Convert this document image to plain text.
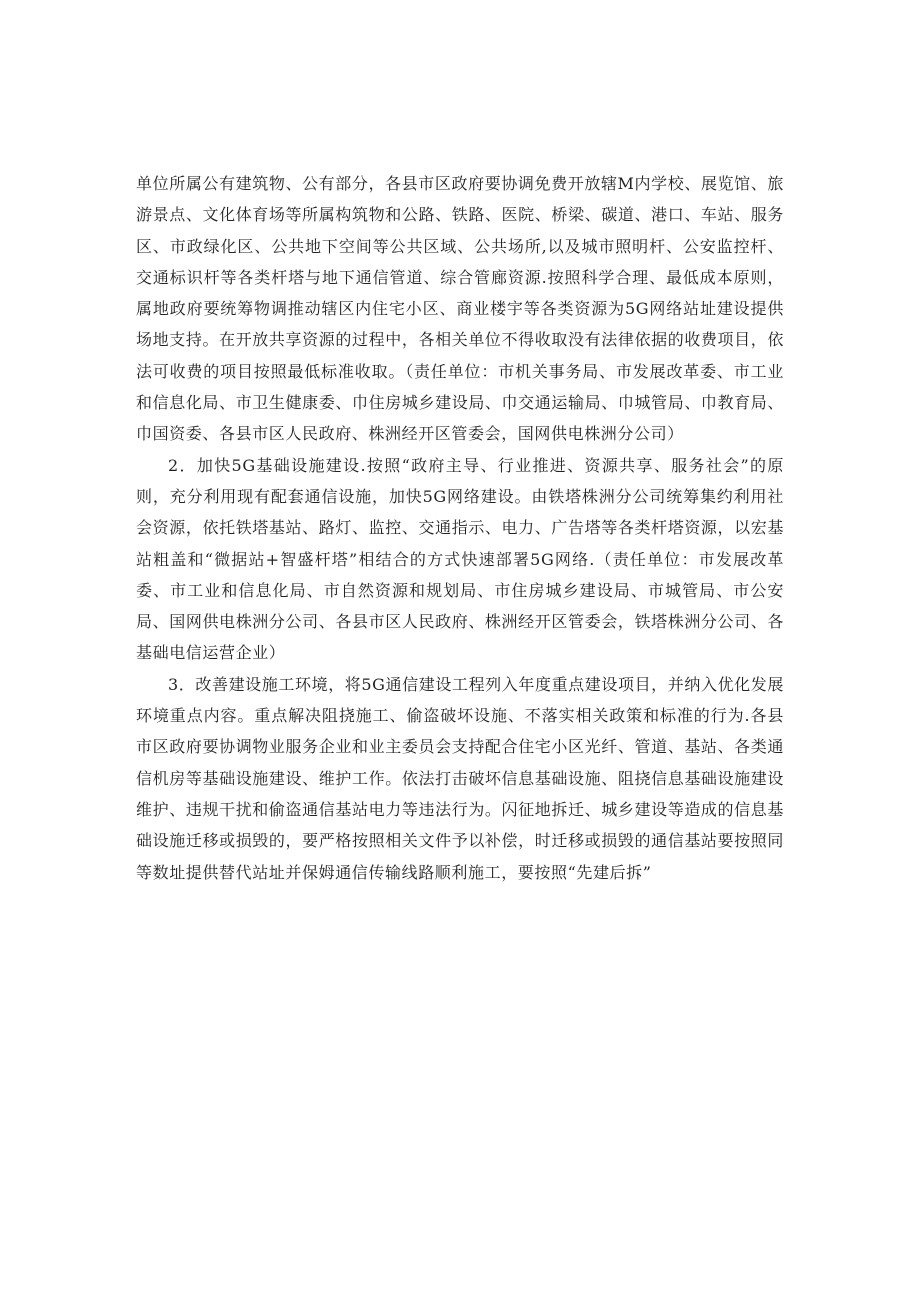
单位所属公有建筑物、公有部分，各县市区政府要协调免费开放辖M内学校、展览馆、旅游景点、文化体育场等所属构筑物和公路、铁路、医院、桥梁、碳道、港口、车站、服务区、市政绿化区、公共地下空间等公共区域、公共场所,以及城市照明杆、公安监控杆、交通标识杆等各类杆塔与地下通信管道、综合管廊资源.按照科学合理、最低成本原则，属地政府要统筹物调推动辖区内住宅小区、商业楼宇等各类资源为5G网络站址建设提供场地支持。在开放共享资源的过程中，各相关单位不得收取没有法律依据的收费项目，依法可收费的项目按照最低标准收取。（责任单位：市机关事务局、市发展改革委、市工业和信息化局、市卫生健康委、巾住房城乡建设局、巾交通运输局、巾城管局、巾教育局、巾国资委、各县市区人民政府、株洲经开区管委会，国网供电株洲分公司）

2．加快5G基础设施建设.按照“政府主导、行业推进、资源共享、服务社会”的原则，充分利用现有配套通信设施，加快5G网络建设。由铁塔株洲分公司统筹集约利用社会资源，依托铁塔基站、路灯、监控、交通指示、电力、广告塔等各类杆塔资源，以宏基站粗盖和“微据站+智盛杆塔”相结合的方式快速部署5G网络.（责任单位：市发展改革委、市工业和信息化局、市自然资源和规划局、市住房城乡建设局、市城管局、市公安局、国网供电株洲分公司、各县市区人民政府、株洲经开区管委会，铁塔株洲分公司、各基础电信运营企业）

3．改善建设施工环境，将5G通信建设工程列入年度重点建设项目，并纳入优化发展环境重点内容。重点解决阻挠施工、偷盗破坏设施、不落实相关政策和标准的行为.各县市区政府要协调物业服务企业和业主委员会支持配合住宅小区光纤、管道、基站、各类通信机房等基础设施建设、维护工作。依法打击破坏信息基础设施、阻挠信息基础设施建设维护、违规干扰和偷盗通信基站电力等违法行为。闪征地拆迁、城乡建设等造成的信息基础设施迁移或损毁的，要严格按照相关文件予以补偿，时迁移或损毁的通信基站要按照同等数址提供替代站址并保姆通信传输线路顺利施工，要按照“先建后拆”
